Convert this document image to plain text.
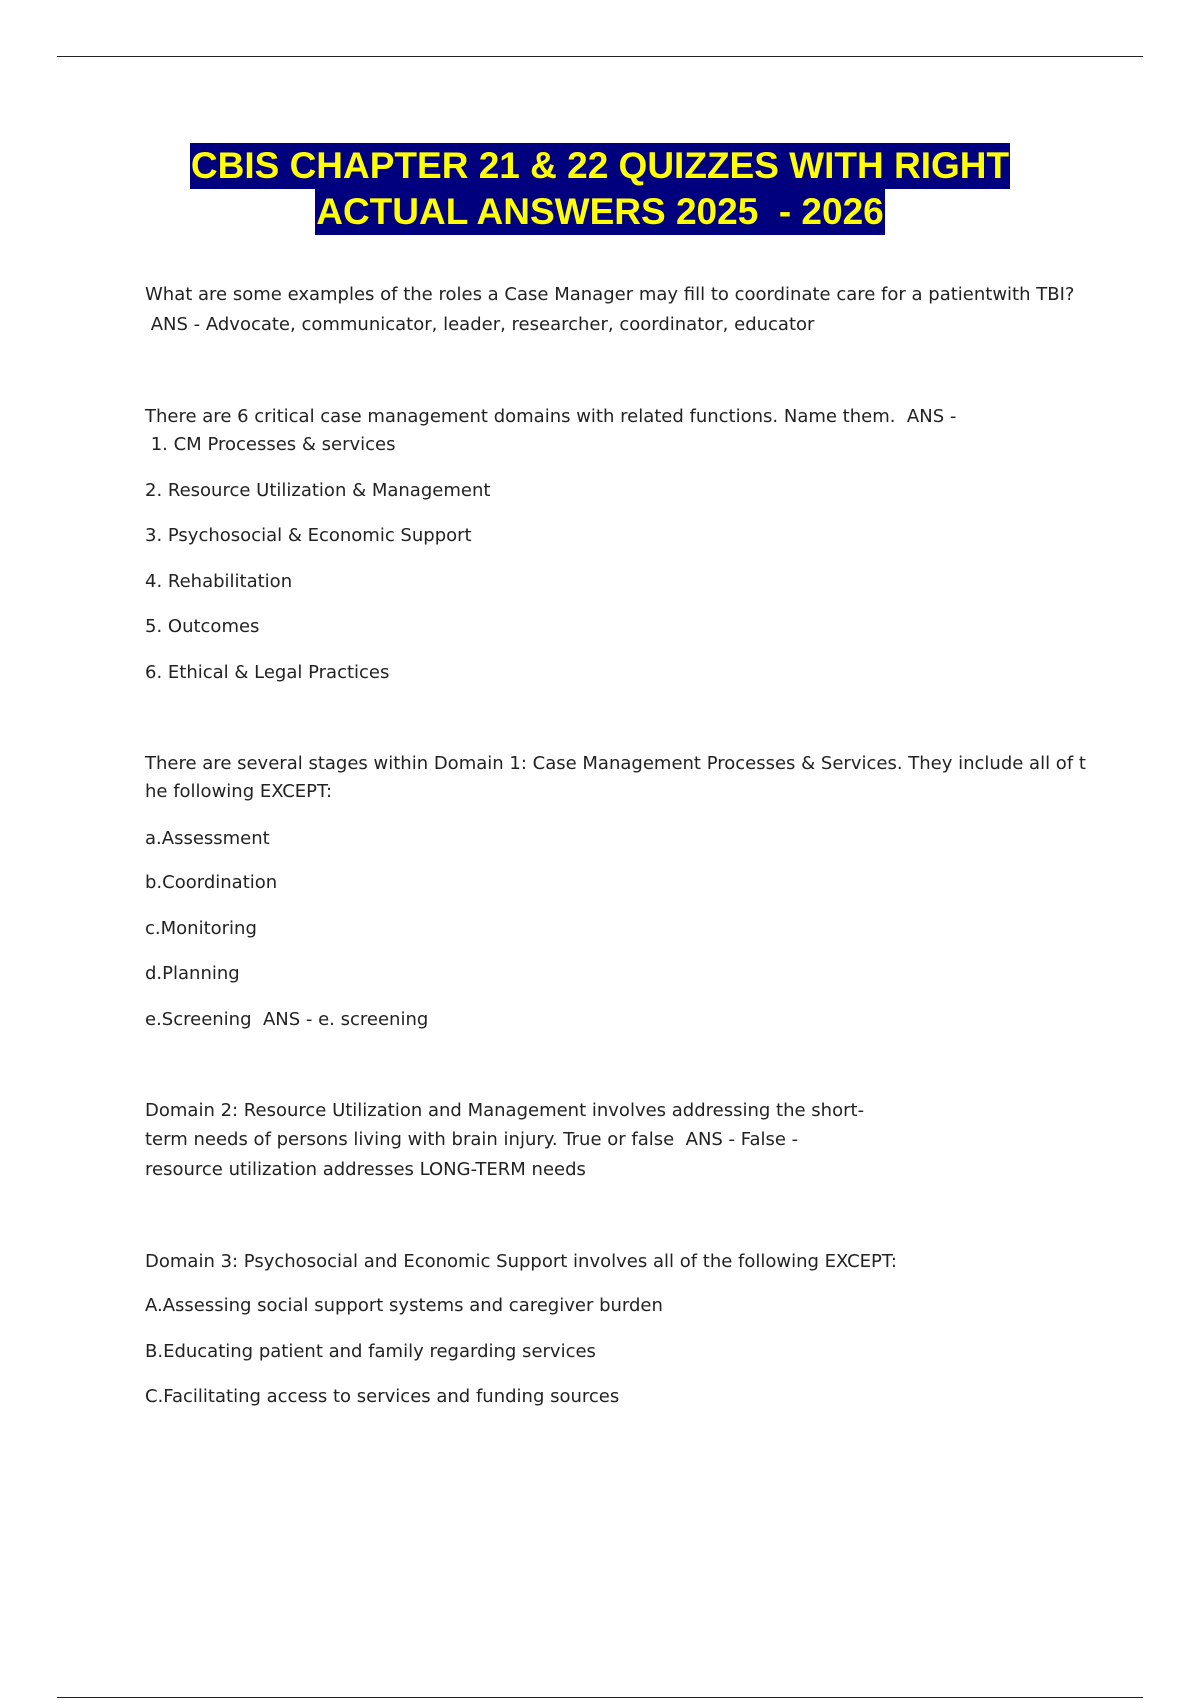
CBIS CHAPTER 21 & 22 QUIZZES WITH RIGHT
ACTUAL ANSWERS 2025  - 2026
What are some examples of the roles a Case Manager may fill to coordinate care for a patientwith TBI?
ANS - Advocate, communicator, leader, researcher, coordinator, educator
There are 6 critical case management domains with related functions. Name them.  ANS -
1. CM Processes & services
2. Resource Utilization & Management
3. Psychosocial & Economic Support
4. Rehabilitation
5. Outcomes
6. Ethical & Legal Practices
There are several stages within Domain 1: Case Management Processes & Services. They include all of t
he following EXCEPT:
a.Assessment
b.Coordination
c.Monitoring
d.Planning
e.Screening  ANS - e. screening
Domain 2: Resource Utilization and Management involves addressing the short-
term needs of persons living with brain injury. True or false  ANS - False -
resource utilization addresses LONG-TERM needs
Domain 3: Psychosocial and Economic Support involves all of the following EXCEPT:
A.Assessing social support systems and caregiver burden
B.Educating patient and family regarding services
C.Facilitating access to services and funding sources
